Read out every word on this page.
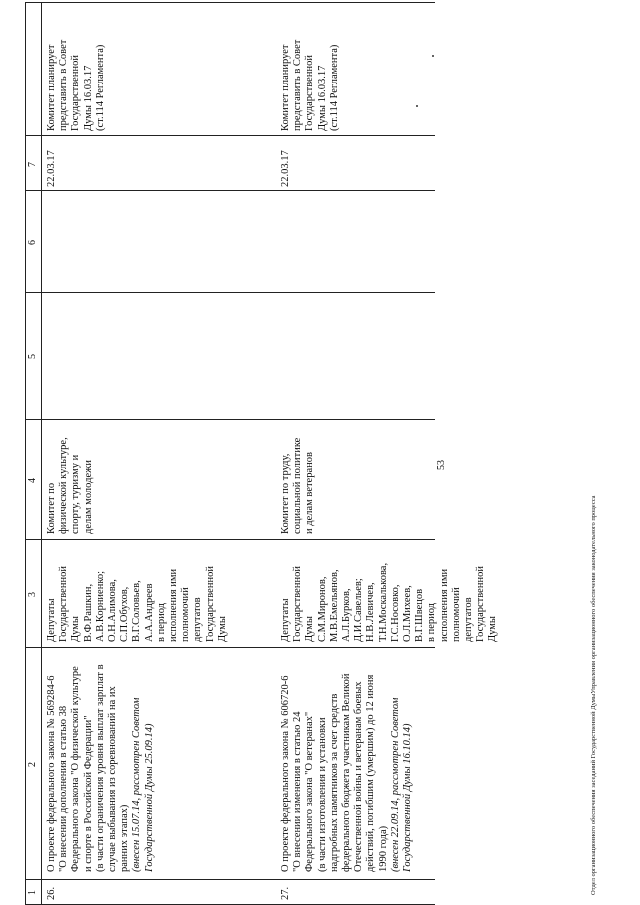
1
2
3
4
5
6
7
26.
О проекте федерального закона № 569284-6 "О внесении дополнения в статью 38 Федерального закона "О физической культуре и спорте в Российской Федерации" (в части ограничения уровня выплат зарплат в случае выбывания из соревнований на их ранних этапах) (внесен 15.07.14, рассмотрен Советом Государственной Думы 25.09.14)
Депутаты Государственной Думы В.Ф.Рашкин, А.В.Корниенко; О.Н.Алимова, С.П.Обухов, В.Г.Соловьев, А.А.Андреев в период исполнения ими полномочий депутатов Государственной Думы
Комитет по физической культуре, спорту, туризму и делам молодежи
22.03.17
Комитет планирует представить в Совет Государственной Думы 16.03.17 (ст.114 Регламента)
27.
О проекте федерального закона № 606720-6 "О внесении изменения в статью 24 Федерального закона "О ветеранах" (в части изготовления и установки надгробных памятников за счет средств федерального бюджета участникам Великой Отечественной войны и ветеранам боевых действий, погибшим (умершим) до 12 июня 1990 года) (внесен 22.09.14, рассмотрен Советом Государственной Думы 16.10.14)
Депутаты Государственной Думы С.М.Миронов, М.В.Емельянов, А.Л.Бурков, Д.И.Савельев; Н.В.Левичев, Т.Н.Москалькова, Г.С.Носовко, О.Л.Михеев, В.Г.Швецов в период исполнения ими полномочий депутатов Государственной Думы
Комитет по труду, социальной политике и делам ветеранов
22.03.17
Комитет планирует представить в Совет Государственной Думы 16.03.17 (ст.114 Регламента)
53
Отдел организационного обеспечения заседаний Государственной ДумыУправления организационного обеспечения законодательного процесса
